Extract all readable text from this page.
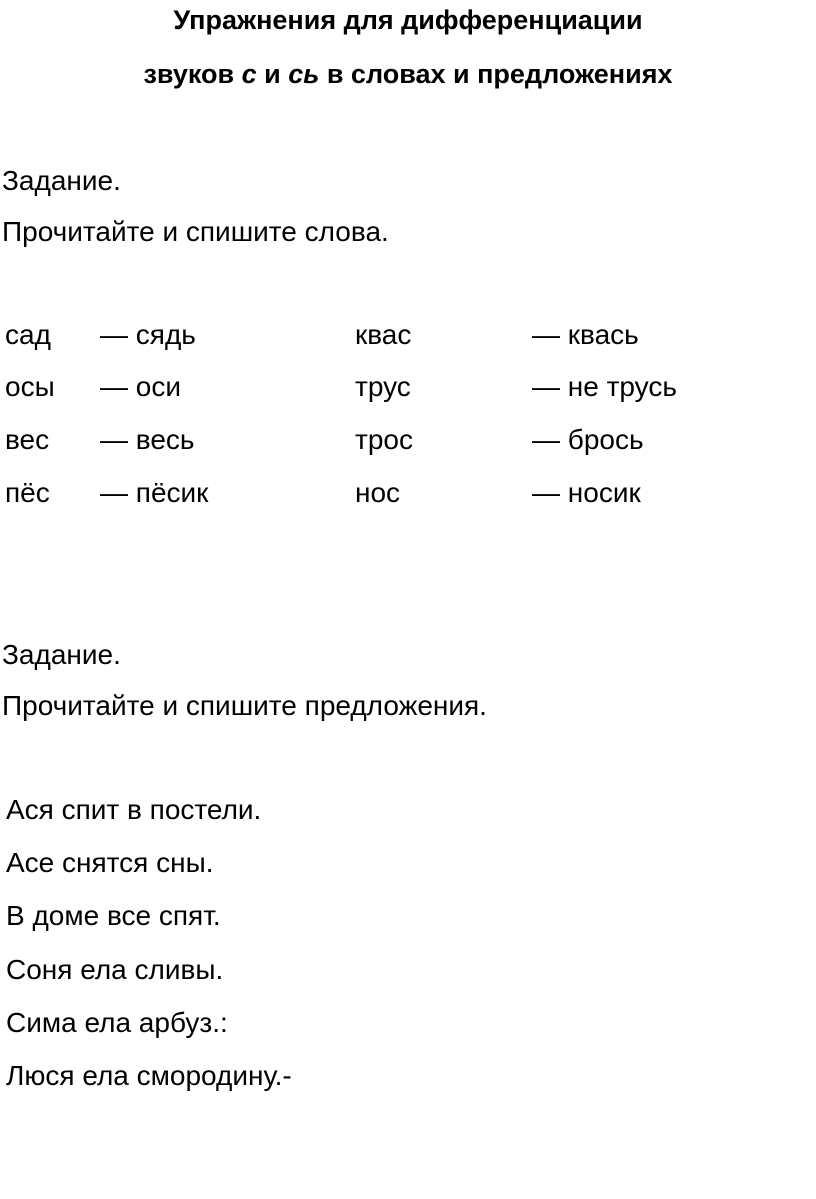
Упражнения для дифференциации
звуков с и сь в словах и предложениях
Задание.
Прочитайте и спишите слова.
сад — сядь	квас	— квась
осы — оси	трус	— не трусь
вес — весь	трос	— брось
пёс — пёсик	нос	— носик
Задание.
Прочитайте и спишите предложения.
Ася спит в постели.
Асе снятся сны.
В доме все спят.
Соня ела сливы.
Сима ела арбуз.:
Люся ела смородину.-
